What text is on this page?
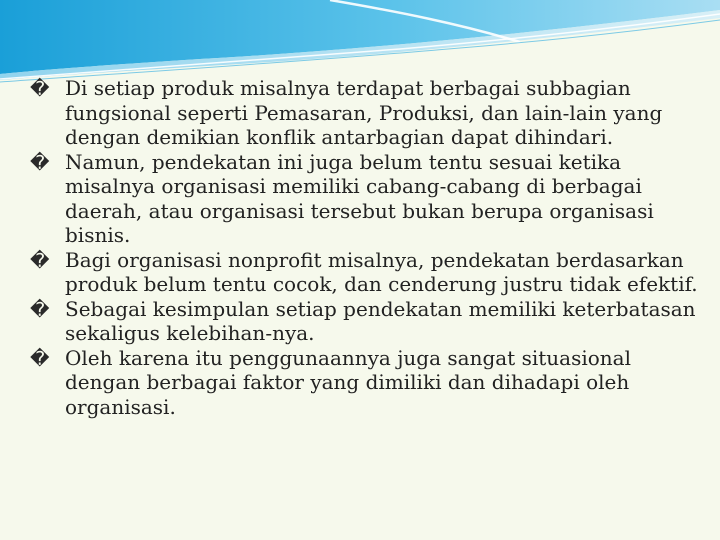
� Di setiap produk misalnya terdapat berbagai subbagian fungsional seperti Pemasaran, Produksi, dan lain-lain yang dengan demikian konflik antarbagian dapat dihindari.

� Namun, pendekatan ini juga belum tentu sesuai ketika misalnya organisasi memiliki cabang-cabang di berbagai daerah, atau organisasi tersebut bukan berupa organisasi bisnis.

� Bagi organisasi nonprofit misalnya, pendekatan berdasarkan produk belum tentu cocok, dan cenderung justru tidak efektif.

� Sebagai kesimpulan setiap pendekatan memiliki keterbatasan sekaligus kelebihan-nya.

� Oleh karena itu penggunaannya juga sangat situasional dengan berbagai faktor yang dimiliki dan dihadapi oleh organisasi.
